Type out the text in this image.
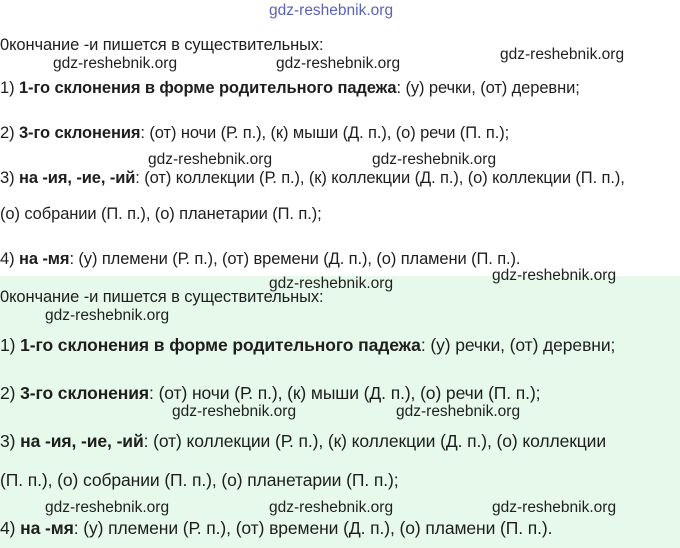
gdz-reshebnik.org
0кончание -и пишется в существительных:
1) 1-го склонения в форме родительного падежа: (у) речки, (от) деревни;
2) 3-го склонения: (от) ночи (Р. п.), (к) мыши (Д. п.), (о) речи (П. п.);
3) на -ия, -ие, -ий: (от) коллекции (Р. п.), (к) коллекции (Д. п.), (о) коллекции (П. п.),
(о) собрании (П. п.), (о) планетарии (П. п.);
4) на -мя: (у) племени (Р. п.), (от) времени (Д. п.), (о) пламени (П. п.).
0кончание -и пишется в существительных:
1) 1-го склонения в форме родительного падежа: (у) речки, (от) деревни;
2) 3-го склонения: (от) ночи (Р. п.), (к) мыши (Д. п.), (о) речи (П. п.);
3) на -ия, -ие, -ий: (от) коллекции (Р. п.), (к) коллекции (Д. п.), (о) коллекции
(П. п.), (о) собрании (П. п.), (о) планетарии (П. п.);
4) на -мя: (у) племени (Р. п.), (от) времени (Д. п.), (о) пламени (П. п.).
gdz-reshebnik.org
gdz-reshebnik.org	gdz-reshebnik.org
gdz-reshebnik.org	gdz-reshebnik.org
gdz-reshebnik.org
gdz-reshebnik.org
gdz-reshebnik.org
gdz-reshebnik.org	gdz-reshebnik.org
gdz-reshebnik.org	gdz-reshebnik.org	gdz-reshebnik.org
